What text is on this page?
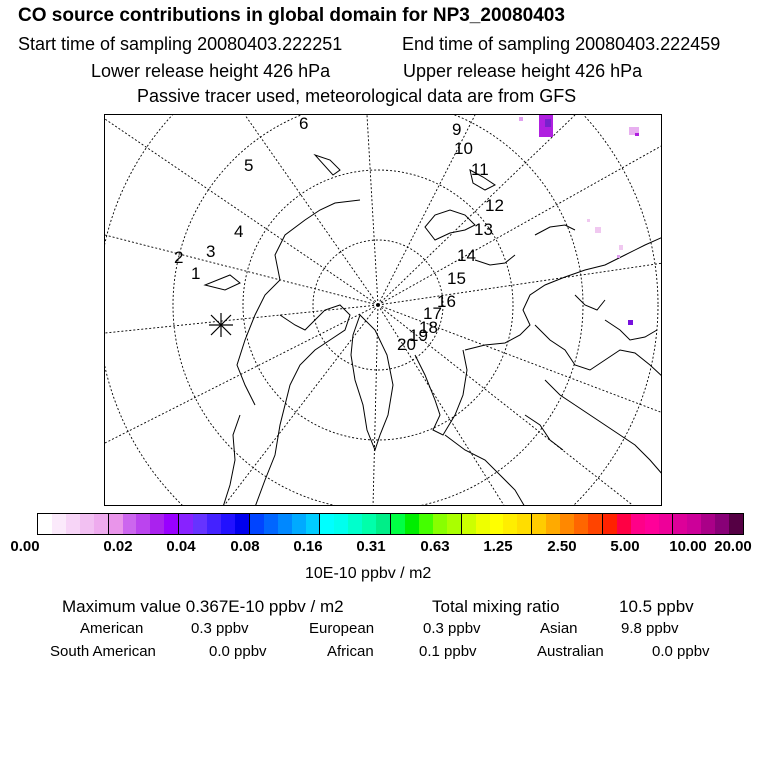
CO source contributions in global domain for NP3_20080403
Start time of sampling 20080403.222251	End time of sampling 20080403.222459
Lower release height 426 hPa	Upper release height 426 hPa
Passive tracer used, meteorological data are from GFS
1
2 3
4
5
6	9
10
11
12
13
14
15
16
17
18
19
20
0.00	0.02 0.04 0.08 0.16 0.31 0.63 1.25 2.50 5.00 10.00 20.00
10E-10 ppbv / m2
Maximum value 0.367E-10 ppbv / m2	Total mixing ratio	10.5 ppbv
American	0.3 ppbv	European	0.3 ppbv	Asian	9.8 ppbv
South American	0.0 ppbv	African	0.1 ppbv	Australian	0.0 ppbv
